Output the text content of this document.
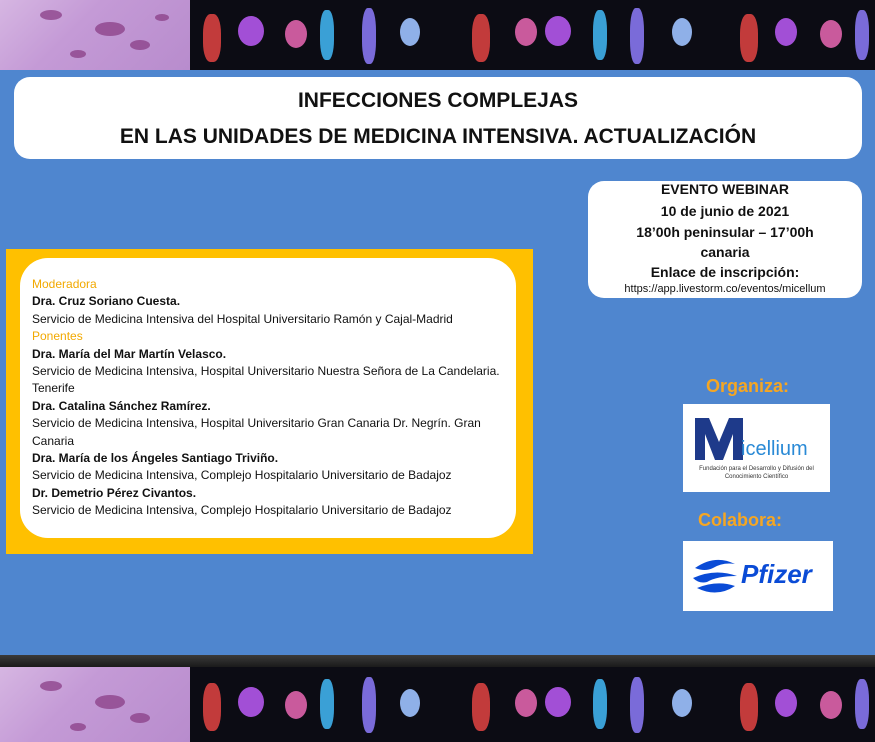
INFECCIONES COMPLEJAS
EN LAS UNIDADES DE MEDICINA INTENSIVA. ACTUALIZACIÓN
EVENTO WEBINAR
10 de junio de 2021
18’00h peninsular – 17’00h
canaria
Enlace de inscripción:
https://app.livestorm.co/eventos/micellum
Moderadora
Dra. Cruz Soriano Cuesta.
Servicio de Medicina Intensiva del Hospital Universitario Ramón y Cajal-Madrid
Ponentes
Dra. María del Mar Martín Velasco.
Servicio de Medicina Intensiva, Hospital Universitario Nuestra Señora de La Candelaria. Tenerife
Dra. Catalina Sánchez Ramírez.
Servicio de Medicina Intensiva, Hospital Universitario Gran Canaria Dr. Negrín. Gran Canaria
Dra. María de los Ángeles Santiago Triviño.
Servicio de Medicina Intensiva, Complejo Hospitalario Universitario de Badajoz
Dr. Demetrio Pérez Civantos.
Servicio de Medicina Intensiva, Complejo Hospitalario Universitario de Badajoz
Organiza:
icellium
Fundación para el Desarrollo y Difusión del
Conocimiento Científico
Colabora:
Pfizer
